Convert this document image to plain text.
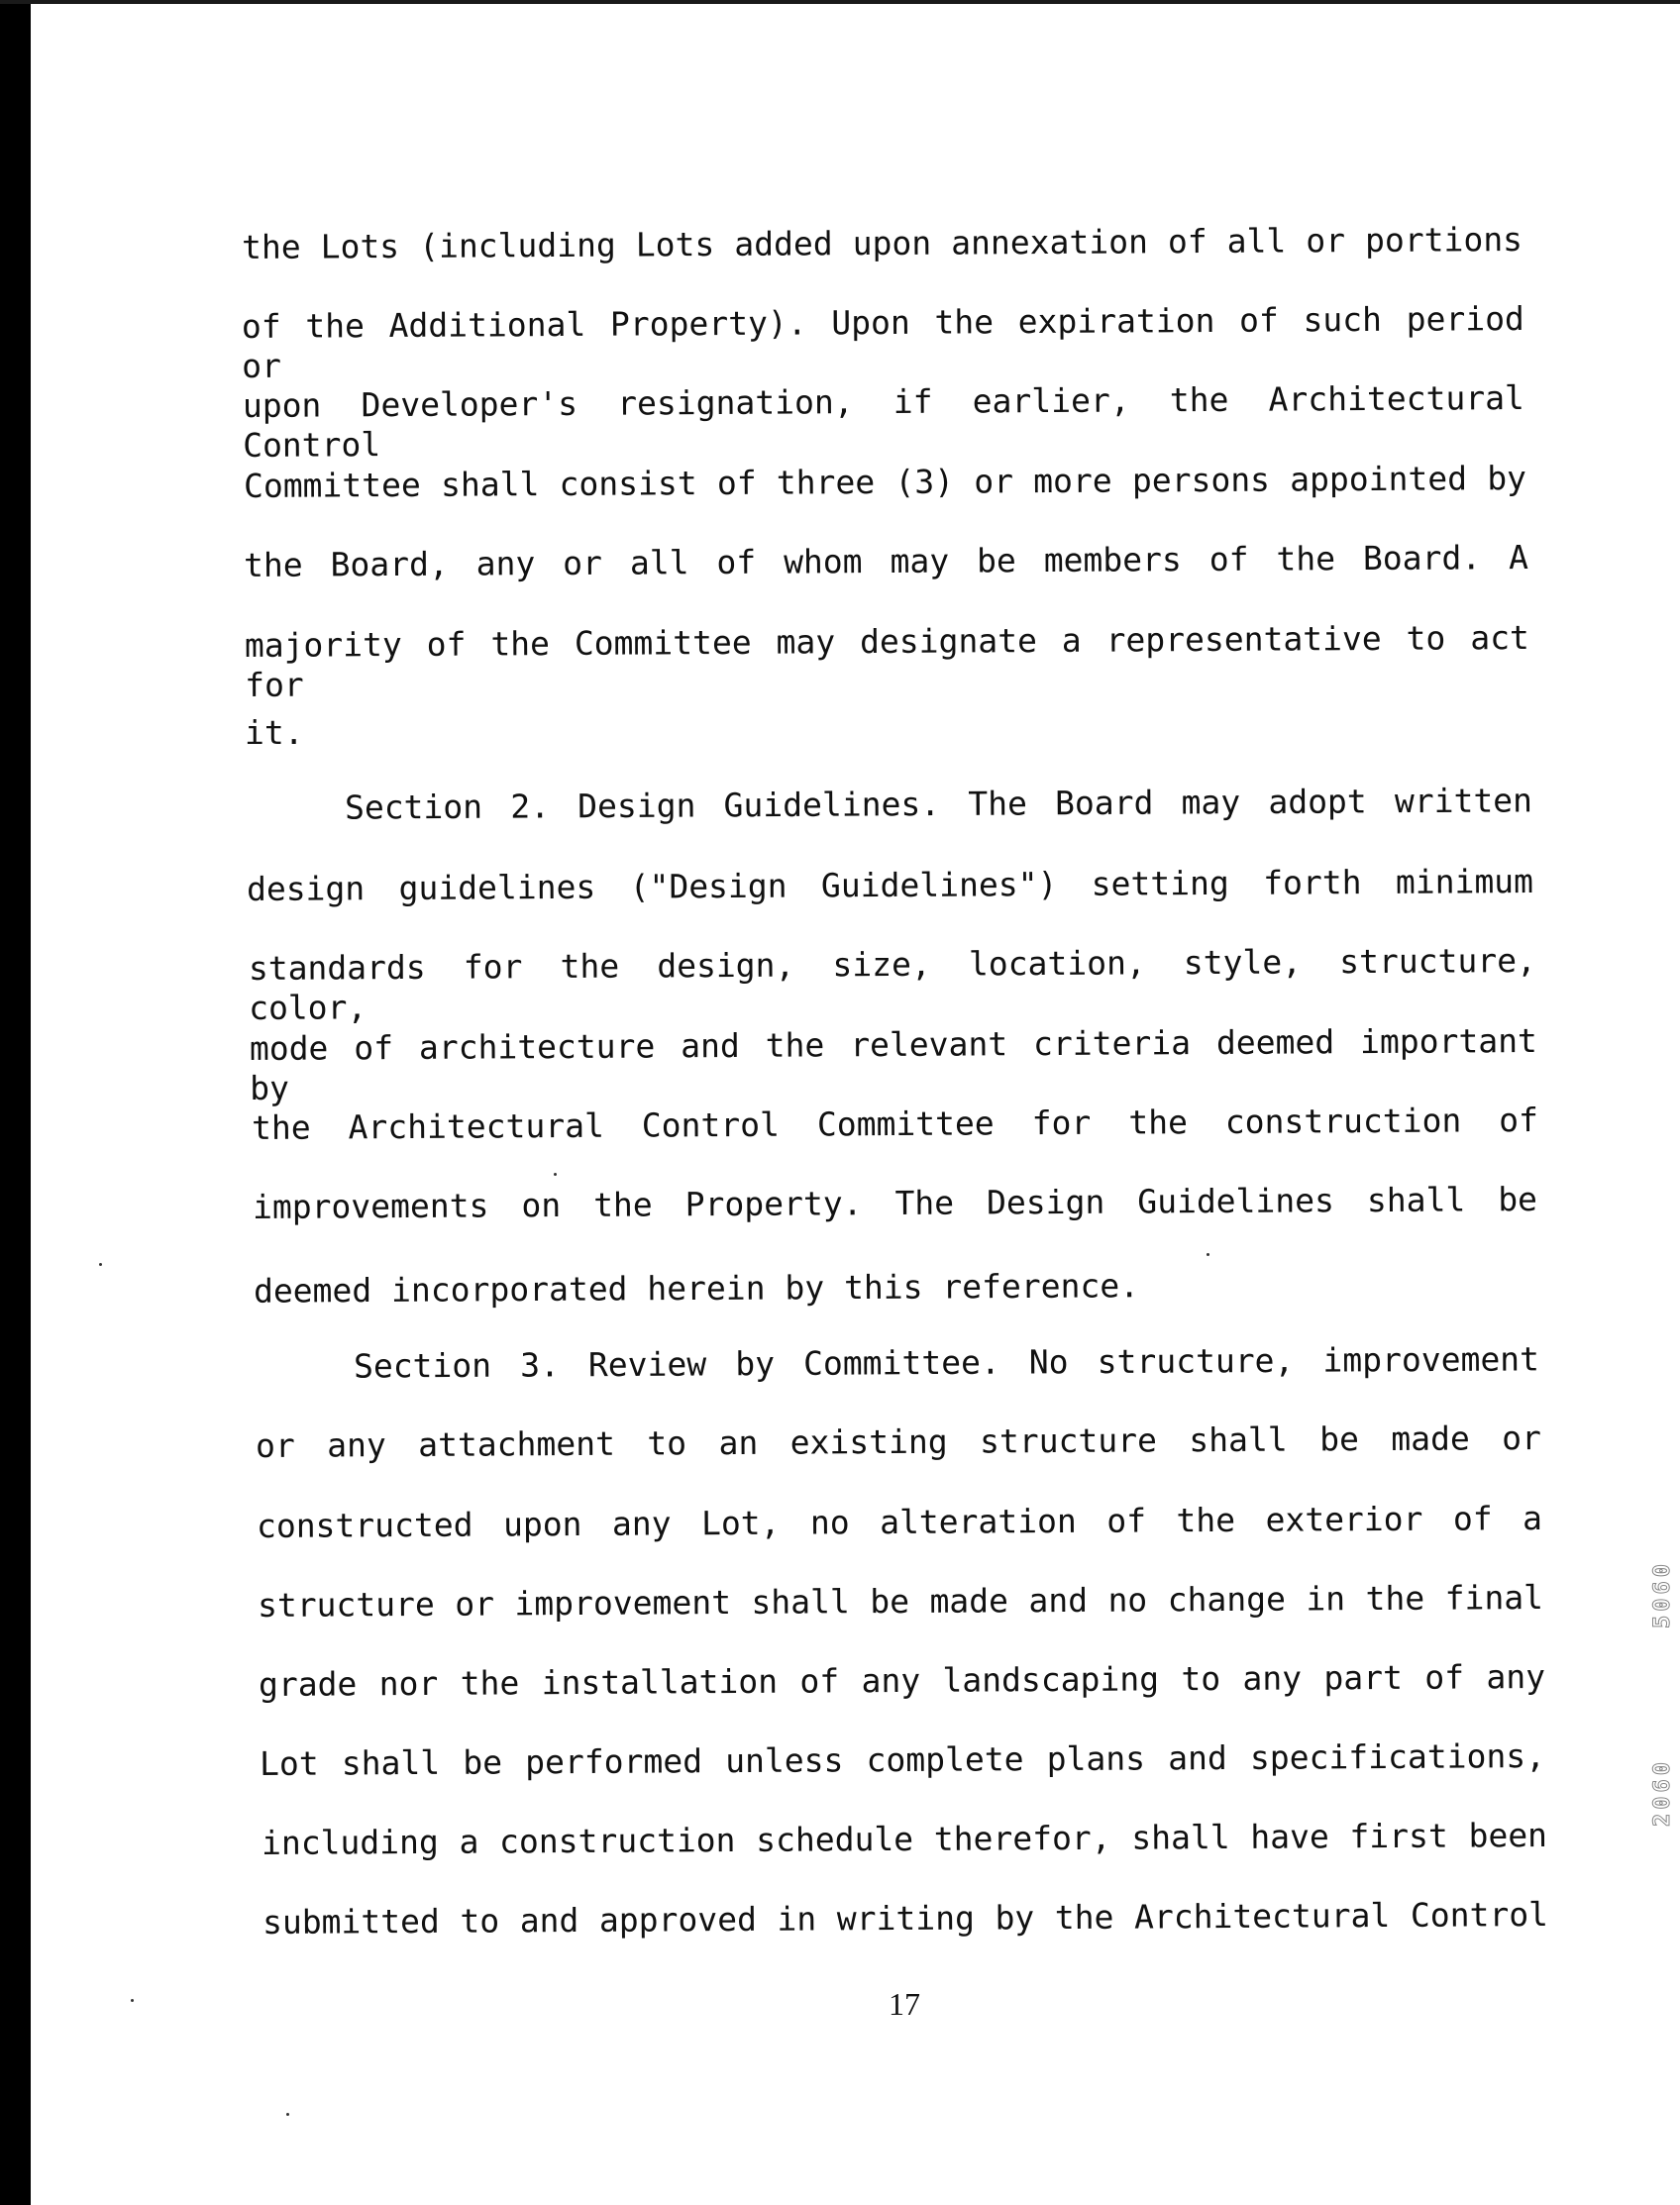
the Lots (including Lots added upon annexation of all or portions
of the Additional Property). Upon the expiration of such period or
upon Developer's resignation, if earlier, the Architectural Control
Committee shall consist of three (3) or more persons appointed by
the Board, any or all of whom may be members of the Board. A
majority of the Committee may designate a representative to act for
it.
Section 2. Design Guidelines. The Board may adopt written
design guidelines ("Design Guidelines") setting forth minimum
standards for the design, size, location, style, structure, color,
mode of architecture and the relevant criteria deemed important by
the Architectural Control Committee for the construction of
improvements on the Property. The Design Guidelines shall be
deemed incorporated herein by this reference.
Section 3. Review by Committee. No structure, improvement
or any attachment to an existing structure shall be made or
constructed upon any Lot, no alteration of the exterior of a
structure or improvement shall be made and no change in the final
grade nor the installation of any landscaping to any part of any
Lot shall be performed unless complete plans and specifications,
including a construction schedule therefor, shall have first been
submitted to and approved in writing by the Architectural Control
17
2060
5060
